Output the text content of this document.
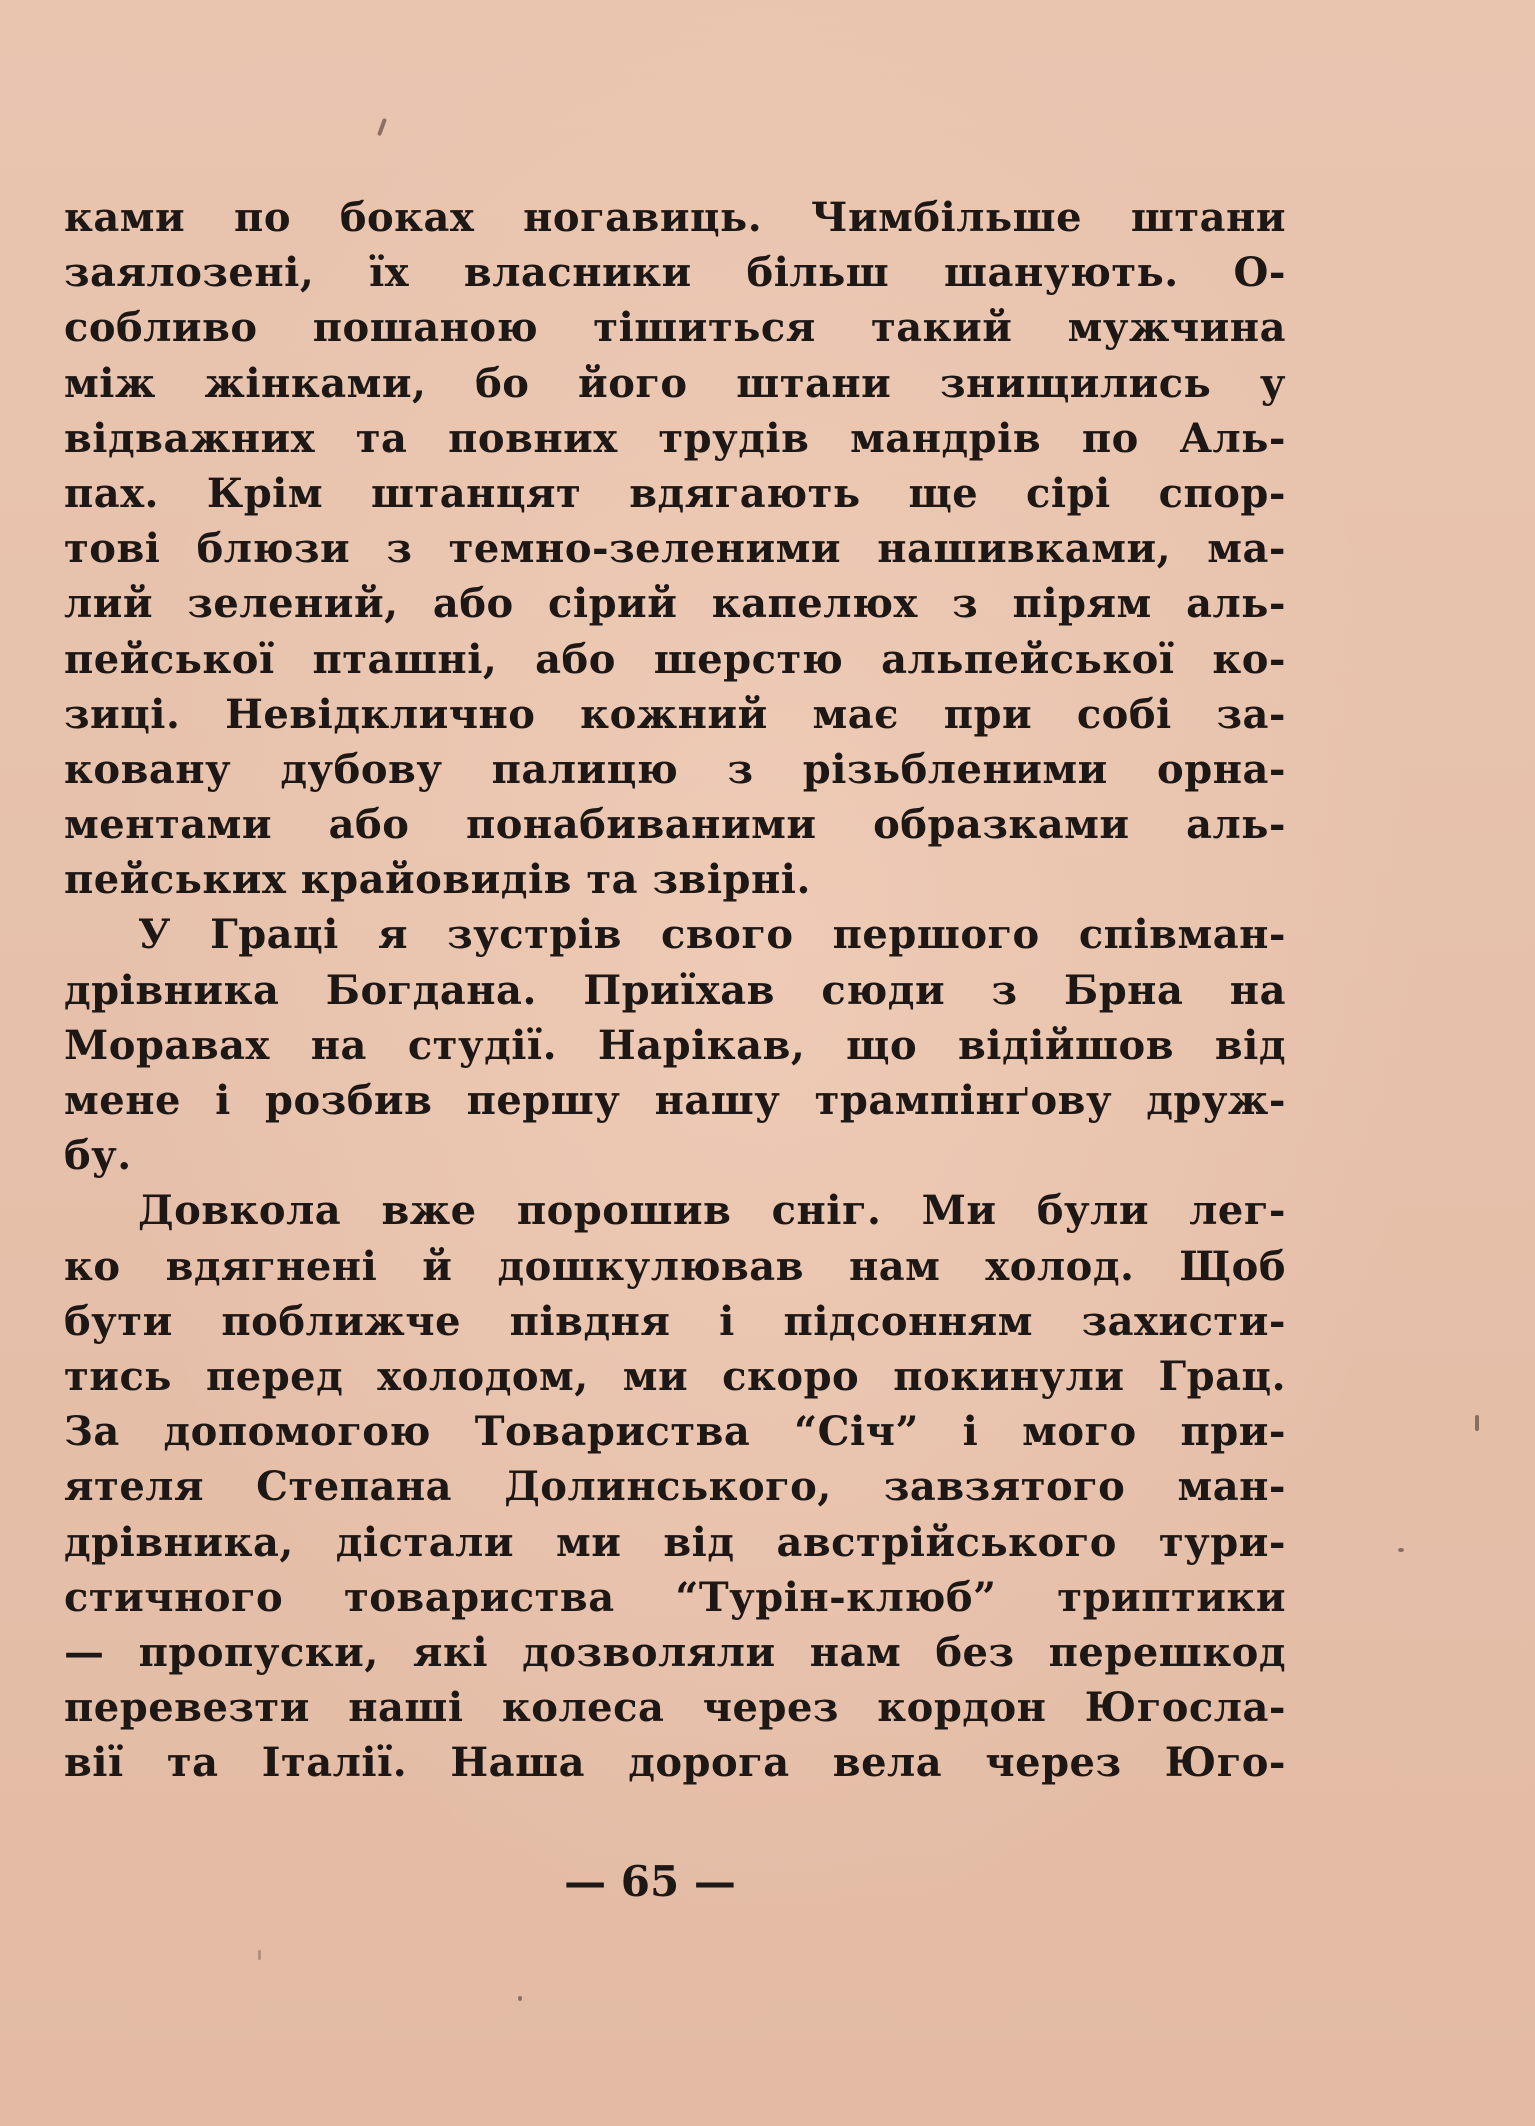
ками по боках ногавиць. Чимбільше штани
заялозені, їх власники більш шанують. О-
собливо пошаною тішиться такий мужчина
між жінками, бо його штани знищились у
відважних та повних трудів мандрів по Аль-
пах. Крім штанцят вдягають ще сірі спор-
тові блюзи з темно-зеленими нашивками, ма-
лий зелений, або сірий капелюх з пірям аль-
пейської пташні, або шерстю альпейської ко-
зиці. Невідклично кожний має при собі за-
ковану дубову палицю з різьбленими орна-
ментами або понабиваними образками аль-
пейських крайовидів та звірні.
У Граці я зустрів свого першого співман-
дрівника Богдана. Приїхав сюди з Брна на
Моравах на студії. Нарікав, що відійшов від
мене і розбив першу нашу трампінґову друж-
бу.
Довкола вже порошив сніг. Ми були лег-
ко вдягнені й дошкулював нам холод. Щоб
бути поближче півдня і підсонням захисти-
тись перед холодом, ми скоро покинули Грац.
За допомогою Товариства “Січ” і мого при-
ятеля Степана Долинського, завзятого ман-
дрівника, дістали ми від австрійського тури-
стичного товариства “Турін-клюб” триптики
— пропуски, які дозволяли нам без перешкод
перевезти наші колеса через кордон Югосла-
вії та Італії. Наша дорога вела через Юго-
— 65 —
